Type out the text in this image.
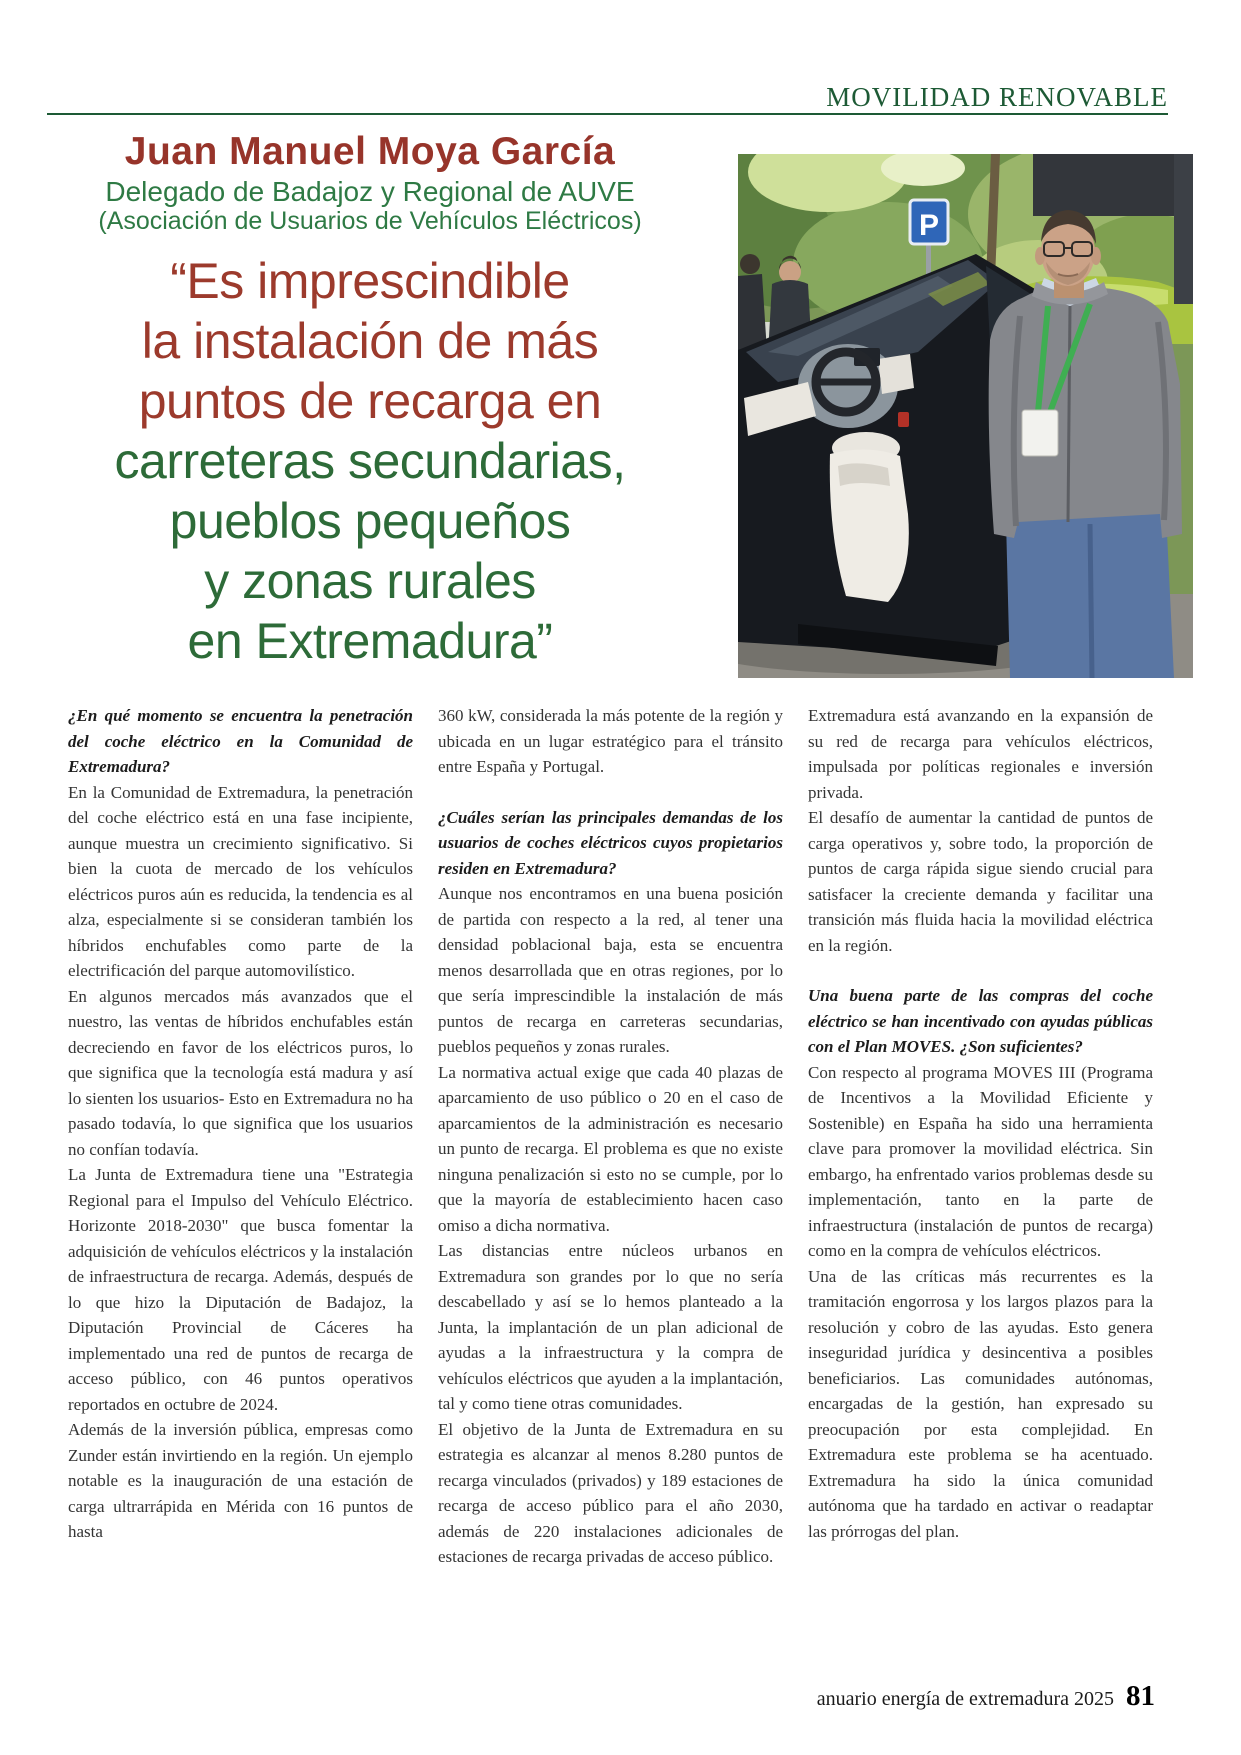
MOVILIDAD RENOVABLE
Juan Manuel Moya García
Delegado de Badajoz y Regional de AUVE
(Asociación de Usuarios de Vehículos Eléctricos)
“Es imprescindible
la instalación de más
puntos de recarga en
carreteras secundarias,
pueblos pequeños
y zonas rurales
en Extremadura”
P

¿En qué momento se encuentra la penetración del coche eléctrico en la Comunidad de Extremadura?

En la Comunidad de Extremadura, la penetración del coche eléctrico está en una fase incipiente, aunque muestra un crecimiento significativo. Si bien la cuota de mercado de los vehículos eléctricos puros aún es reducida, la tendencia es al alza, especialmente si se consideran también los híbridos enchufables como parte de la electrificación del parque automovilístico.

En algunos mercados más avanzados que el nuestro, las ventas de híbridos enchufables están decreciendo en favor de los eléctricos puros, lo que significa que la tecnología está madura y así lo sienten los usuarios- Esto en Extremadura no ha pasado todavía, lo que significa que los usuarios no confían todavía.

La Junta de Extremadura tiene una "Estrategia Regional para el Impulso del Vehículo Eléctrico. Horizonte 2018-2030" que busca fomentar la adquisición de vehículos eléctricos y la instalación de infraestructura de recarga. Además, después de lo que hizo la Diputación de Badajoz, la Diputación Provincial de Cáceres ha implementado una red de puntos de recarga de acceso público, con 46 puntos operativos reportados en octubre de 2024.

Además de la inversión pública, empresas como Zunder están invirtiendo en la región. Un ejemplo notable es la inauguración de una estación de carga ultrarrápida en Mérida con 16 puntos de hasta

360 kW, considerada la más potente de la región y ubicada en un lugar estratégico para el tránsito entre España y Portugal.

¿Cuáles serían las principales demandas de los usuarios de coches eléctricos cuyos propietarios residen en Extremadura?

Aunque nos encontramos en una buena posición de partida con respecto a la red, al tener una densidad poblacional baja, esta se encuentra menos desarrollada que en otras regiones, por lo que sería imprescindible la instalación de más puntos de recarga en carreteras secundarias, pueblos pequeños y zonas rurales.

La normativa actual exige que cada 40 plazas de aparcamiento de uso público o 20 en el caso de aparcamientos de la administración es necesario un punto de recarga. El problema es que no existe ninguna penalización si esto no se cumple, por lo que la mayoría de establecimiento hacen caso omiso a dicha normativa.

Las distancias entre núcleos urbanos en Extremadura son grandes por lo que no sería descabellado y así se lo hemos planteado a la Junta, la implantación de un plan adicional de ayudas a la infraestructura y la compra de vehículos eléctricos que ayuden a la implantación, tal y como tiene otras comunidades.

El objetivo de la Junta de Extremadura en su estrategia es alcanzar al menos 8.280 puntos de recarga vinculados (privados) y 189 estaciones de recarga de acceso público para el año 2030, además de 220 instalaciones adicionales de estaciones de recarga privadas de acceso público.

Extremadura está avanzando en la expansión de su red de recarga para vehículos eléctricos, impulsada por políticas regionales e inversión privada.

El desafío de aumentar la cantidad de puntos de carga operativos y, sobre todo, la proporción de puntos de carga rápida sigue siendo crucial para satisfacer la creciente demanda y facilitar una transición más fluida hacia la movilidad eléctrica en la región.

Una buena parte de las compras del coche eléctrico se han incentivado con ayudas públicas con el Plan MOVES. ¿Son suficientes?

Con respecto al programa MOVES III (Programa de Incentivos a la Movilidad Eficiente y Sostenible) en España ha sido una herramienta clave para promover la movilidad eléctrica. Sin embargo, ha enfrentado varios problemas desde su implementación, tanto en la parte de infraestructura (instalación de puntos de recarga) como en la compra de vehículos eléctricos.

Una de las críticas más recurrentes es la tramitación engorrosa y los largos plazos para la resolución y cobro de las ayudas. Esto genera inseguridad jurídica y desincentiva a posibles beneficiarios. Las comunidades autónomas, encargadas de la gestión, han expresado su preocupación por esta complejidad. En Extremadura este problema se ha acentuado. Extremadura ha sido la única comunidad autónoma que ha tardado en activar o readaptar las prórrogas del plan.

anuario energía de extremadura 2025 81
